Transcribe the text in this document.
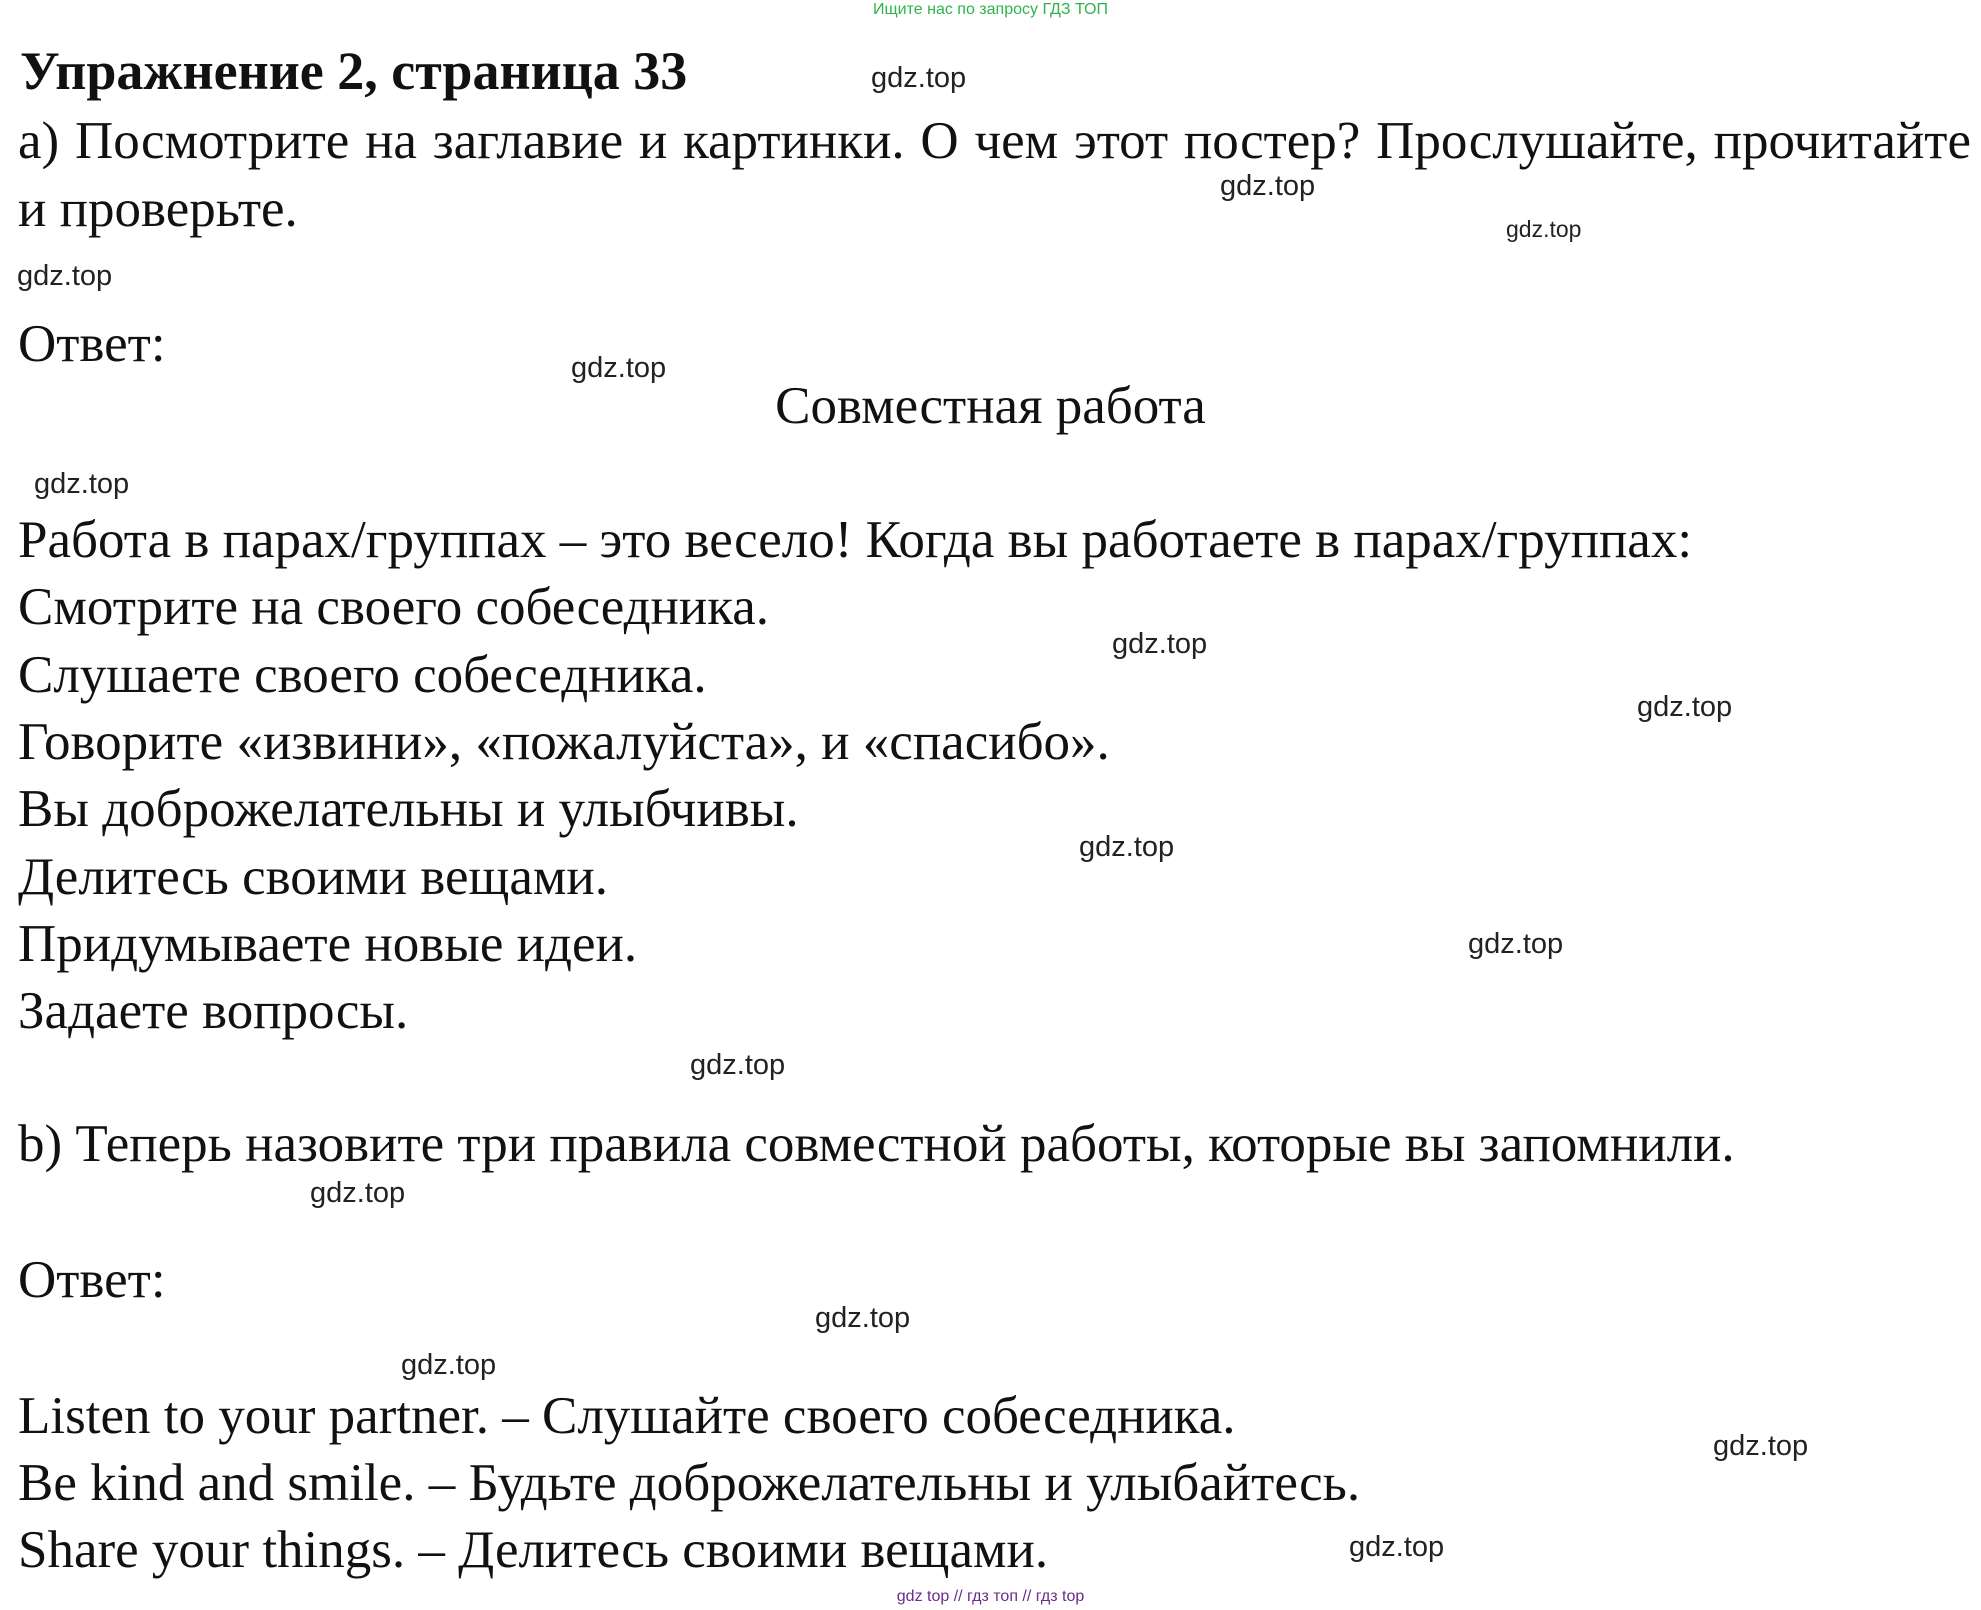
Ищите нас по запросу ГДЗ ТОП
Упражнение 2, страница 33

a) Посмотрите на заглавие и картинки. О чем этот постер? Прослушайте, прочитайте и проверьте.

Ответ:
Совместная работа
Работа в парах/группах – это весело! Когда вы работаете в парах/группах:
Смотрите на своего собеседника.
Слушаете своего собеседника.
Говорите «извини», «пожалуйста», и «спасибо».
Вы доброжелательны и улыбчивы.
Делитесь своими вещами.
Придумываете новые идеи.
Задаете вопросы.
b) Теперь назовите три правила совместной работы, которые вы запомнили.
Ответ:
Listen to your partner. – Слушайте своего собеседника.
Be kind and smile. – Будьте доброжелательны и улыбайтесь.
Share your things. – Делитесь своими вещами.
gdz.top
gdz.top
gdz.top
gdz.top
gdz.top
gdz.top
gdz.top
gdz.top
gdz.top
gdz.top
gdz.top
gdz.top
gdz.top
gdz.top
gdz.top
gdz.top
gdz top // гдз топ // гдз top
